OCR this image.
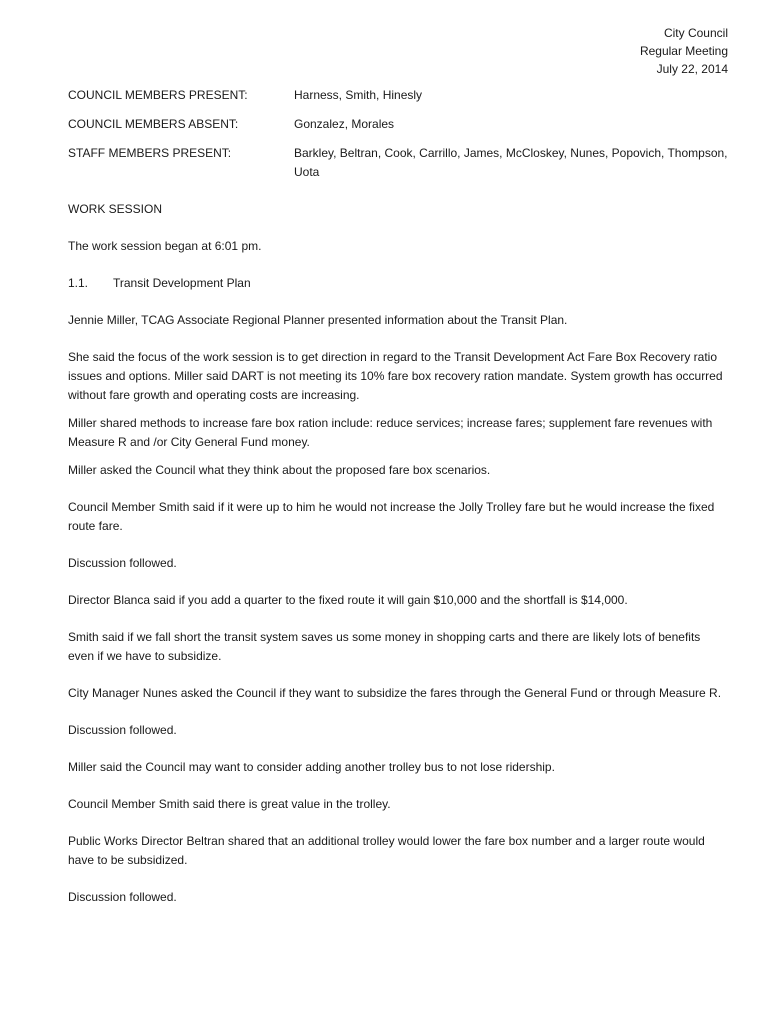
City Council
Regular Meeting
July 22, 2014
COUNCIL MEMBERS PRESENT:	Harness, Smith, Hinesly
COUNCIL MEMBERS ABSENT:	Gonzalez, Morales
STAFF MEMBERS PRESENT:	Barkley, Beltran, Cook, Carrillo, James, McCloskey, Nunes, Popovich, Thompson, Uota
WORK SESSION

The work session began at 6:01 pm.

1.1.	Transit Development Plan

Jennie Miller, TCAG Associate Regional Planner presented information about the Transit Plan.

She said the focus of the work session is to get direction in regard to the Transit Development Act Fare Box Recovery ratio issues and options. Miller said DART is not meeting its 10% fare box recovery ration mandate. System growth has occurred without fare growth and operating costs are increasing.

Miller shared methods to increase fare box ration include: reduce services; increase fares; supplement fare revenues with Measure R and /or City General Fund money.

Miller asked the Council what they think about the proposed fare box scenarios.

Council Member Smith said if it were up to him he would not increase the Jolly Trolley fare but he would increase the fixed route fare.

Discussion followed.

Director Blanca said if you add a quarter to the fixed route it will gain $10,000 and the shortfall is $14,000.

Smith said if we fall short the transit system saves us some money in shopping carts and there are likely lots of benefits even if we have to subsidize.

City Manager Nunes asked the Council if they want to subsidize the fares through the General Fund or through Measure R.

Discussion followed.

Miller said the Council may want to consider adding another trolley bus to not lose ridership.

Council Member Smith said there is great value in the trolley.

Public Works Director Beltran shared that an additional trolley would lower the fare box number and a larger route would have to be subsidized.

Discussion followed.
